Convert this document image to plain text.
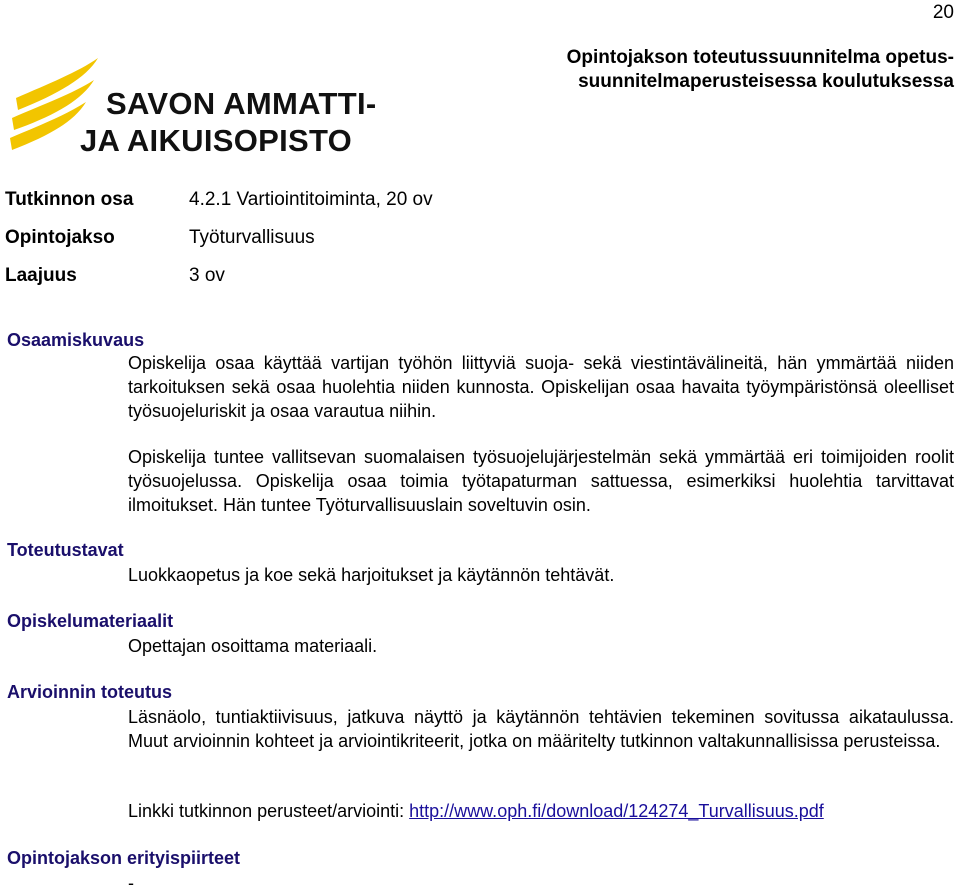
20
Opintojakson toteutussuunnitelma opetus-
suunnitelmaperusteisessa koulutuksessa
SAVON AMMATTI-
JA AIKUISOPISTO
Tutkinnon osa	4.2.1 Vartiointitoiminta, 20 ov
Opintojakso	Työturvallisuus
Laajuus	3 ov
Osaamiskuvaus

Opiskelija osaa käyttää vartijan työhön liittyviä suoja- sekä viestintävälineitä, hän ymmärtää niiden tarkoituksen sekä osaa huolehtia niiden kunnosta. Opiskelijan osaa havaita työympäristönsä oleelliset työsuojeluriskit ja osaa varautua niihin.

Opiskelija tuntee vallitsevan suomalaisen työsuojelujärjestelmän sekä ymmärtää eri toimijoiden roolit työsuojelussa. Opiskelija osaa toimia työtapaturman sattuessa, esimerkiksi huolehtia tarvittavat ilmoitukset. Hän tuntee Työturvallisuuslain soveltuvin osin.

Toteutustavat

Luokkaopetus ja koe sekä harjoitukset ja käytännön tehtävät.

Opiskelumateriaalit

Opettajan osoittama materiaali.

Arvioinnin toteutus

Läsnäolo, tuntiaktiivisuus, jatkuva näyttö ja käytännön tehtävien tekeminen sovitussa aikataulussa. Muut arvioinnin kohteet ja arviointikriteerit, jotka on määritelty tutkinnon valtakunnallisissa perusteissa.

Linkki tutkinnon perusteet/arviointi: http://www.oph.fi/download/124274_Turvallisuus.pdf

Opintojakson erityispiirteet

-
